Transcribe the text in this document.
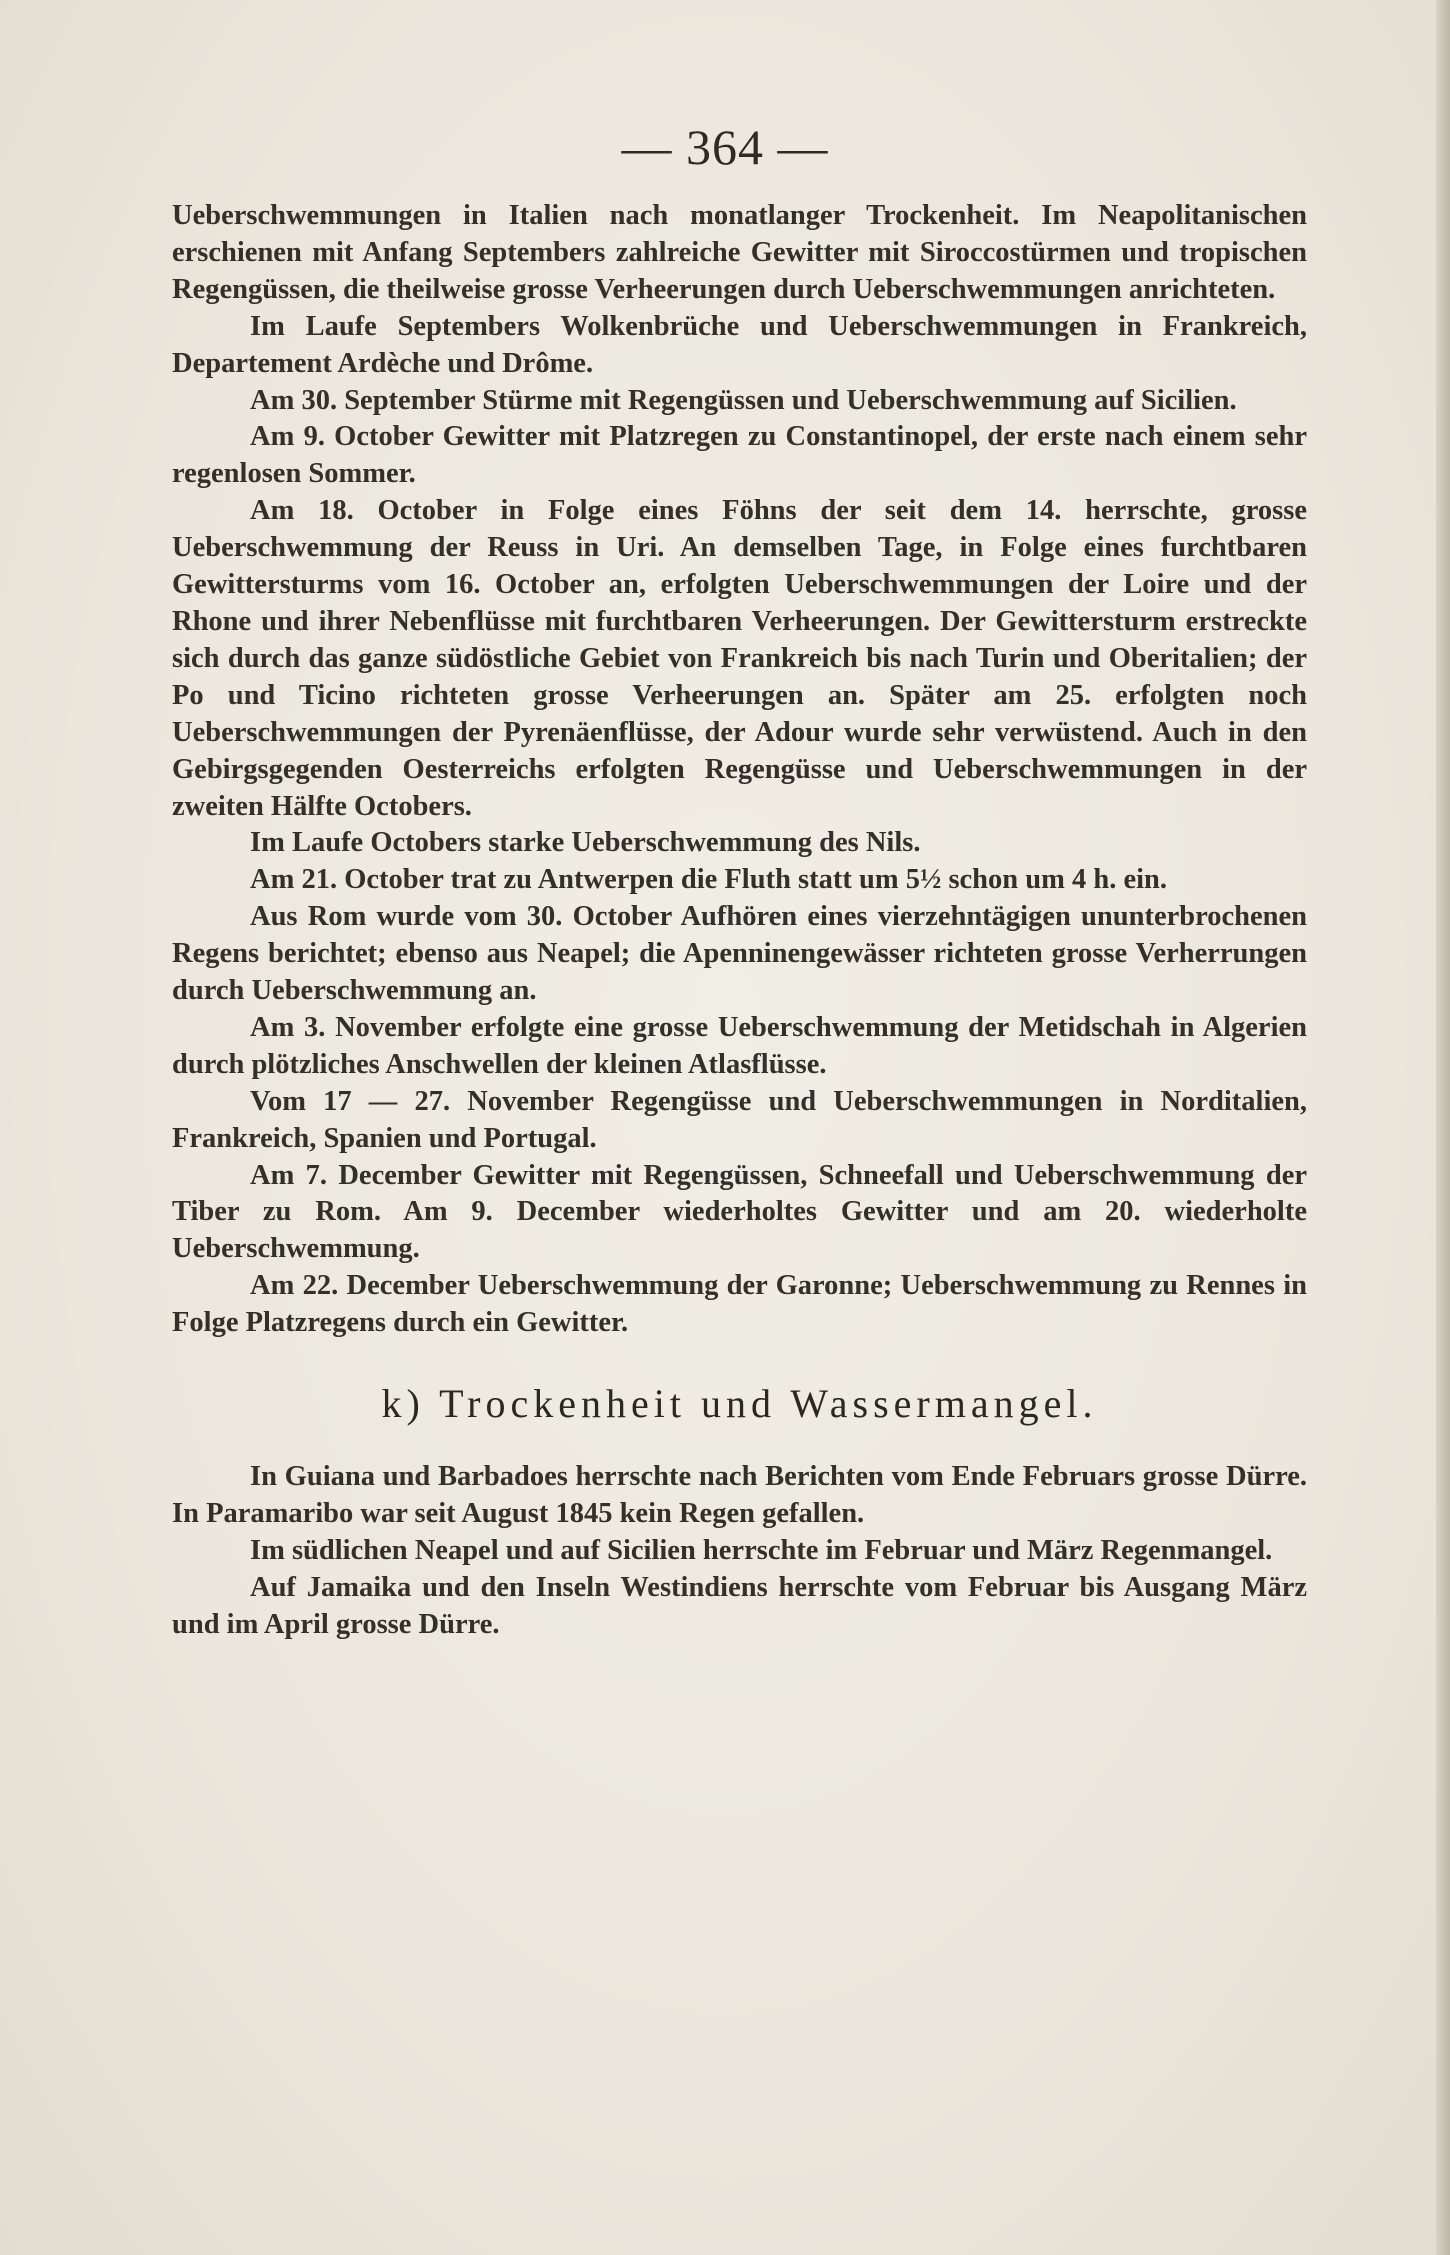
— 364 —

Ueberschwemmungen in Italien nach monatlanger Trockenheit. Im Neapolitanischen erschienen mit Anfang Septembers zahlreiche Gewitter mit Siroccostürmen und tropischen Regengüssen, die theilweise grosse Verheerungen durch Ueberschwemmungen anrichteten.

Im Laufe Septembers Wolkenbrüche und Ueberschwemmungen in Frankreich, Departement Ardèche und Drôme.

Am 30. September Stürme mit Regengüssen und Ueberschwemmung auf Sicilien.

Am 9. October Gewitter mit Platzregen zu Constantinopel, der erste nach einem sehr regenlosen Sommer.

Am 18. October in Folge eines Föhns der seit dem 14. herrschte, grosse Ueberschwemmung der Reuss in Uri. An demselben Tage, in Folge eines furchtbaren Gewittersturms vom 16. October an, erfolgten Ueberschwemmungen der Loire und der Rhone und ihrer Nebenflüsse mit furchtbaren Verheerungen. Der Gewittersturm erstreckte sich durch das ganze südöstliche Gebiet von Frankreich bis nach Turin und Oberitalien; der Po und Ticino richteten grosse Verheerungen an. Später am 25. erfolgten noch Ueberschwemmungen der Pyrenäenflüsse, der Adour wurde sehr verwüstend. Auch in den Gebirgsgegenden Oesterreichs erfolgten Regengüsse und Ueberschwemmungen in der zweiten Hälfte Octobers.

Im Laufe Octobers starke Ueberschwemmung des Nils.

Am 21. October trat zu Antwerpen die Fluth statt um 5½ schon um 4 h. ein.

Aus Rom wurde vom 30. October Aufhören eines vierzehntägigen ununterbrochenen Regens berichtet; ebenso aus Neapel; die Apenninengewässer richteten grosse Verherrungen durch Ueberschwemmung an.

Am 3. November erfolgte eine grosse Ueberschwemmung der Metidschah in Algerien durch plötzliches Anschwellen der kleinen Atlasflüsse.

Vom 17 — 27. November Regengüsse und Ueberschwemmungen in Norditalien, Frankreich, Spanien und Portugal.

Am 7. December Gewitter mit Regengüssen, Schneefall und Ueberschwemmung der Tiber zu Rom. Am 9. December wiederholtes Gewitter und am 20. wiederholte Ueberschwemmung.

Am 22. December Ueberschwemmung der Garonne; Ueberschwemmung zu Rennes in Folge Platzregens durch ein Gewitter.

k) Trockenheit und Wassermangel.

In Guiana und Barbadoes herrschte nach Berichten vom Ende Februars grosse Dürre. In Paramaribo war seit August 1845 kein Regen gefallen.

Im südlichen Neapel und auf Sicilien herrschte im Februar und März Regenmangel.

Auf Jamaika und den Inseln Westindiens herrschte vom Februar bis Ausgang März und im April grosse Dürre.
